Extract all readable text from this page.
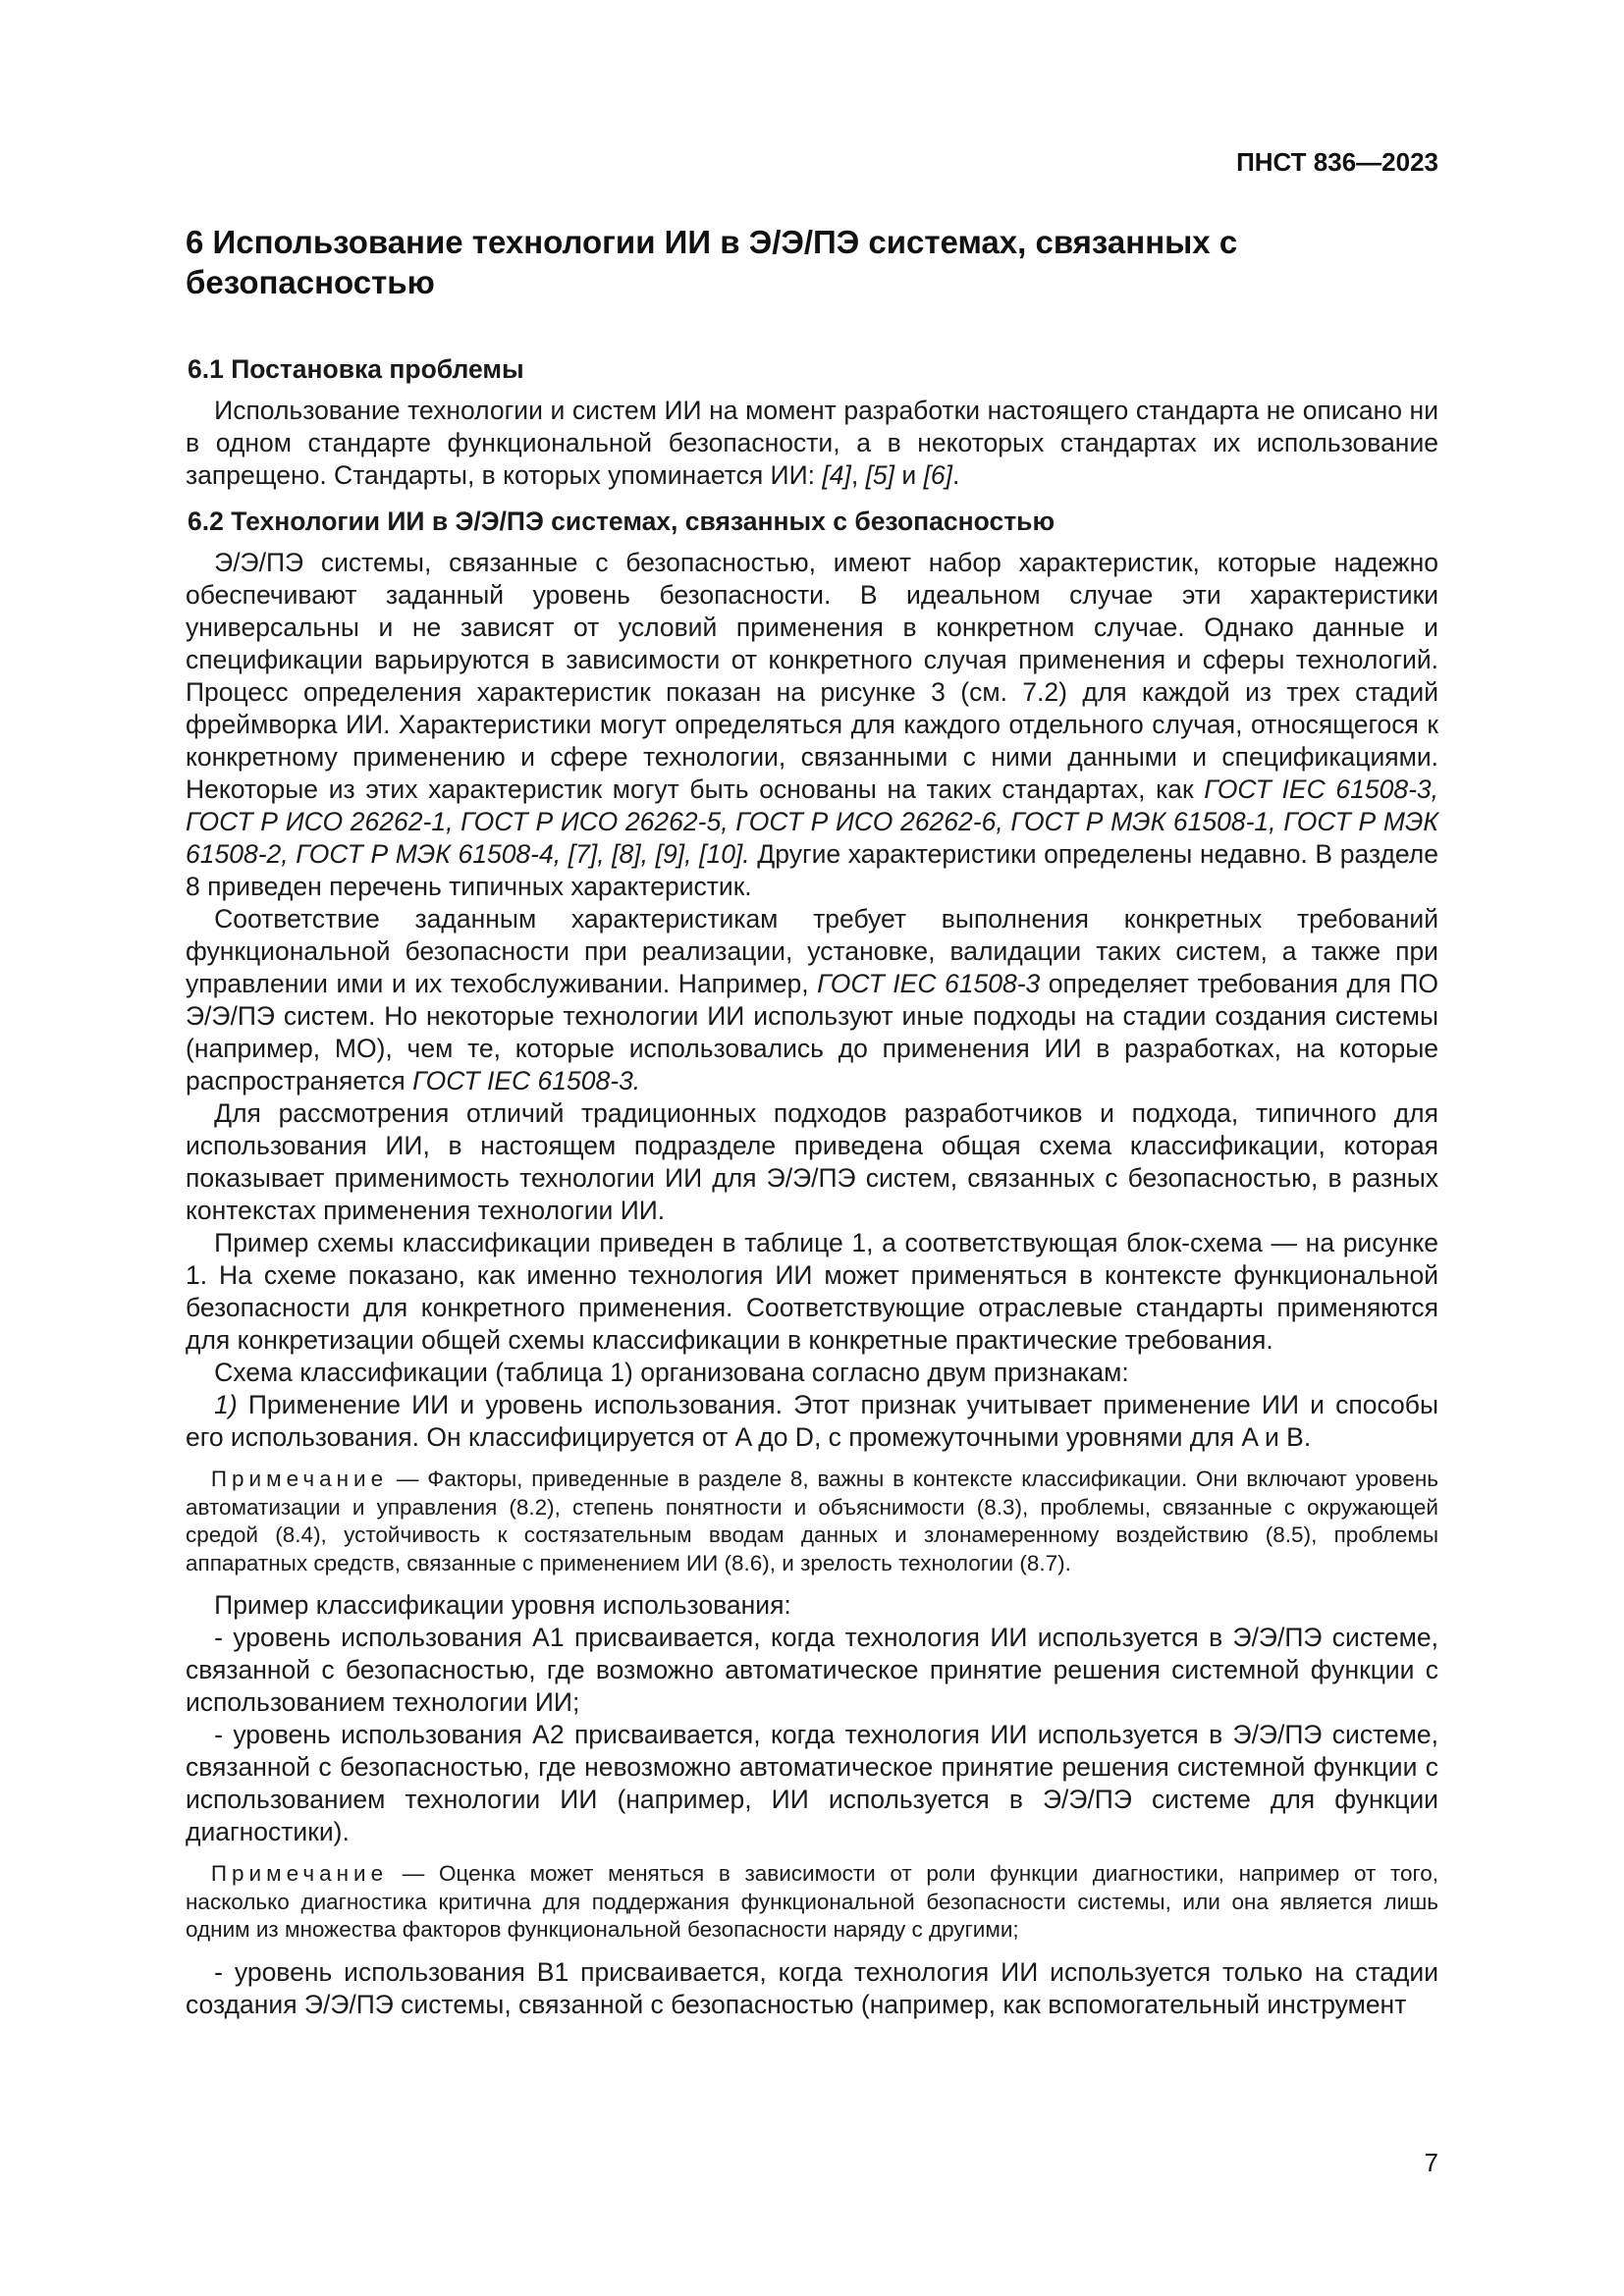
ПНСТ 836—2023
6 Использование технологии ИИ в Э/Э/ПЭ системах, связанных с безопасностью
6.1 Постановка проблемы

Использование технологии и систем ИИ на момент разработки настоящего стандарта не описано ни в одном стандарте функциональной безопасности, а в некоторых стандартах их использование запрещено. Стандарты, в которых упоминается ИИ: [4], [5] и [6].

6.2 Технологии ИИ в Э/Э/ПЭ системах, связанных с безопасностью

Э/Э/ПЭ системы, связанные с безопасностью, имеют набор характеристик, которые надежно обеспечивают заданный уровень безопасности. В идеальном случае эти характеристики универсальны и не зависят от условий применения в конкретном случае. Однако данные и спецификации варьируются в зависимости от конкретного случая применения и сферы технологий. Процесс определения характеристик показан на рисунке 3 (см. 7.2) для каждой из трех стадий фреймворка ИИ. Характеристики могут определяться для каждого отдельного случая, относящегося к конкретному применению и сфере технологии, связанными с ними данными и спецификациями. Некоторые из этих характеристик могут быть основаны на таких стандартах, как ГОСТ IEC 61508-3, ГОСТ Р ИСО 26262-1, ГОСТ Р ИСО 26262-5, ГОСТ Р ИСО 26262-6, ГОСТ Р МЭК 61508-1, ГОСТ Р МЭК 61508-2, ГОСТ Р МЭК 61508-4, [7], [8], [9], [10]. Другие характеристики определены недавно. В разделе 8 приведен перечень типичных характеристик.

Соответствие заданным характеристикам требует выполнения конкретных требований функциональной безопасности при реализации, установке, валидации таких систем, а также при управлении ими и их техобслуживании. Например, ГОСТ IEC 61508-3 определяет требования для ПО Э/Э/ПЭ систем. Но некоторые технологии ИИ используют иные подходы на стадии создания системы (например, МО), чем те, которые использовались до применения ИИ в разработках, на которые распространяется ГОСТ IEC 61508-3.

Для рассмотрения отличий традиционных подходов разработчиков и подхода, типичного для использования ИИ, в настоящем подразделе приведена общая схема классификации, которая показывает применимость технологии ИИ для Э/Э/ПЭ систем, связанных с безопасностью, в разных контекстах применения технологии ИИ.

Пример схемы классификации приведен в таблице 1, а соответствующая блок-схема — на рисунке 1. На схеме показано, как именно технология ИИ может применяться в контексте функциональной безопасности для конкретного применения. Соответствующие отраслевые стандарты применяются для конкретизации общей схемы классификации в конкретные практические требования.

Схема классификации (таблица 1) организована согласно двум признакам:

1) Применение ИИ и уровень использования. Этот признак учитывает применение ИИ и способы его использования. Он классифицируется от A до D, с промежуточными уровнями для A и B.

Примечание — Факторы, приведенные в разделе 8, важны в контексте классификации. Они включают уровень автоматизации и управления (8.2), степень понятности и объяснимости (8.3), проблемы, связанные с окружающей средой (8.4), устойчивость к состязательным вводам данных и злонамеренному воздействию (8.5), проблемы аппаратных средств, связанные с применением ИИ (8.6), и зрелость технологии (8.7).

Пример классификации уровня использования:

- уровень использования A1 присваивается, когда технология ИИ используется в Э/Э/ПЭ системе, связанной с безопасностью, где возможно автоматическое принятие решения системной функции с использованием технологии ИИ;

- уровень использования A2 присваивается, когда технология ИИ используется в Э/Э/ПЭ системе, связанной с безопасностью, где невозможно автоматическое принятие решения системной функции с использованием технологии ИИ (например, ИИ используется в Э/Э/ПЭ системе для функции диагностики).

Примечание — Оценка может меняться в зависимости от роли функции диагностики, например от того, насколько диагностика критична для поддержания функциональной безопасности системы, или она является лишь одним из множества факторов функциональной безопасности наряду с другими;

- уровень использования B1 присваивается, когда технология ИИ используется только на стадии создания Э/Э/ПЭ системы, связанной с безопасностью (например, как вспомогательный инструмент

7
